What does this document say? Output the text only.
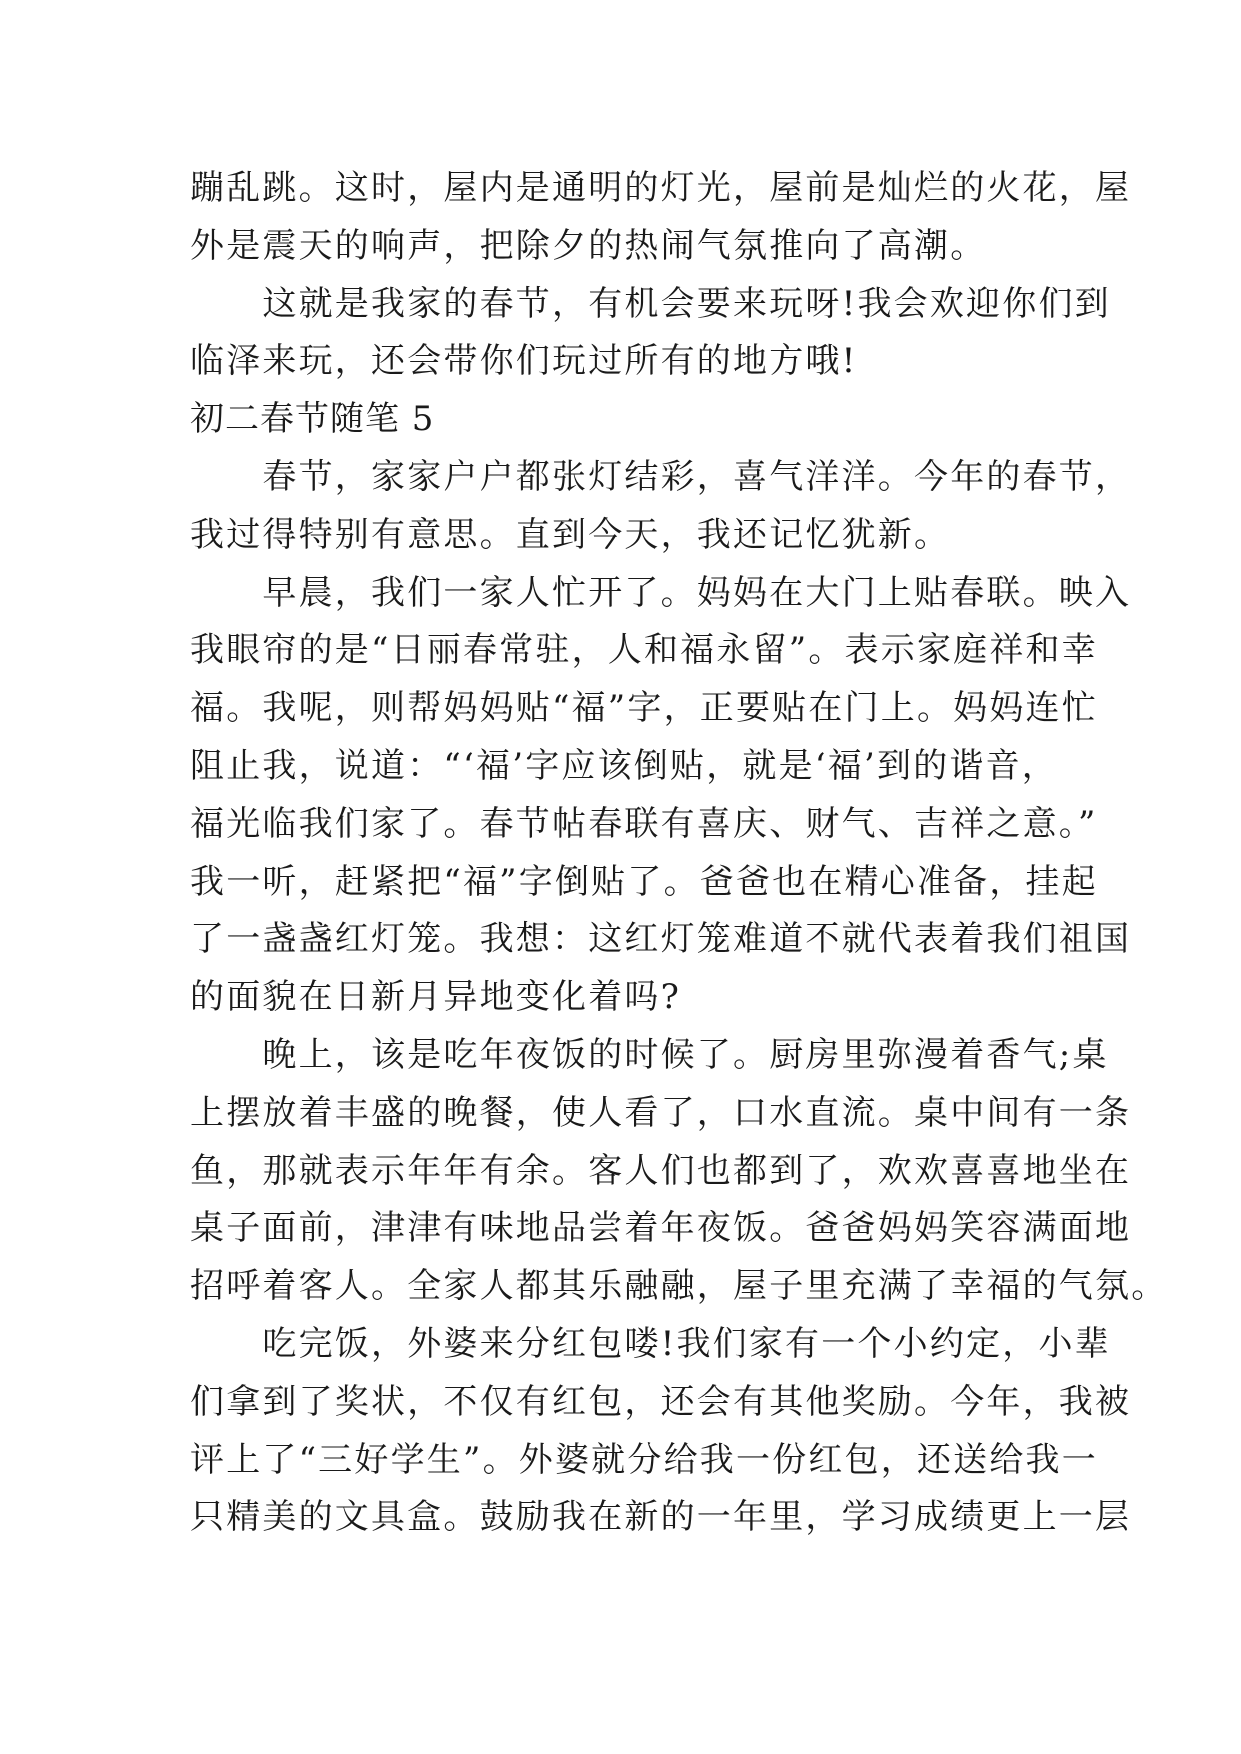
蹦乱跳。这时，屋内是通明的灯光，屋前是灿烂的火花，屋
外是震天的响声，把除夕的热闹气氛推向了高潮。
　　这就是我家的春节，有机会要来玩呀!我会欢迎你们到
临泽来玩，还会带你们玩过所有的地方哦!
初二春节随笔 5
　　春节，家家户户都张灯结彩，喜气洋洋。今年的春节，
我过得特别有意思。直到今天，我还记忆犹新。
　　早晨，我们一家人忙开了。妈妈在大门上贴春联。映入
我眼帘的是“日丽春常驻，人和福永留”。表示家庭祥和幸
福。我呢，则帮妈妈贴“福”字，正要贴在门上。妈妈连忙
阻止我，说道：“‘福’字应该倒贴，就是‘福’到的谐音，
福光临我们家了。春节帖春联有喜庆、财气、吉祥之意。”
我一听，赶紧把“福”字倒贴了。爸爸也在精心准备，挂起
了一盏盏红灯笼。我想：这红灯笼难道不就代表着我们祖国
的面貌在日新月异地变化着吗?
　　晚上，该是吃年夜饭的时候了。厨房里弥漫着香气;桌
上摆放着丰盛的晚餐，使人看了，口水直流。桌中间有一条
鱼，那就表示年年有余。客人们也都到了，欢欢喜喜地坐在
桌子面前，津津有味地品尝着年夜饭。爸爸妈妈笑容满面地
招呼着客人。全家人都其乐融融，屋子里充满了幸福的气氛。
　　吃完饭，外婆来分红包喽!我们家有一个小约定，小辈
们拿到了奖状，不仅有红包，还会有其他奖励。今年，我被
评上了“三好学生”。外婆就分给我一份红包，还送给我一
只精美的文具盒。鼓励我在新的一年里，学习成绩更上一层
